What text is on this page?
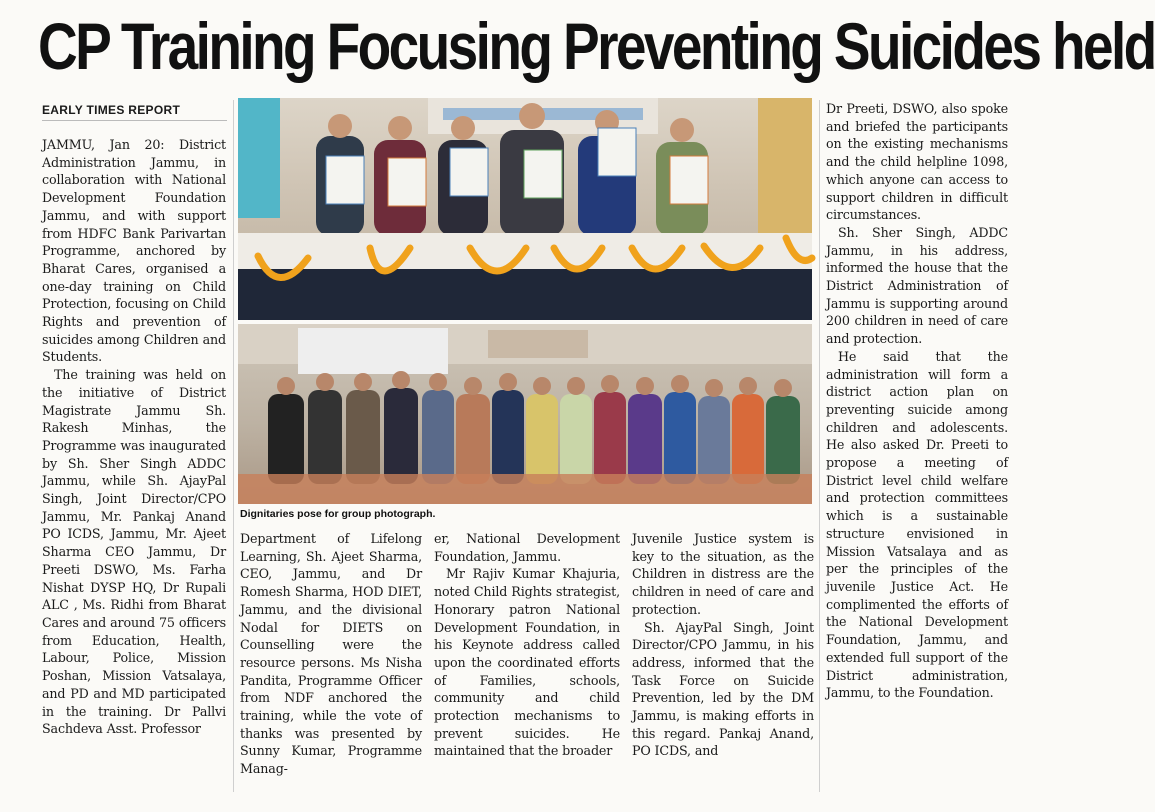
CP Training Focusing Preventing Suicides held
EARLY TIMES REPORT

JAMMU, Jan 20: District Administration Jammu, in collaboration with National Development Foundation Jammu, and with support from HDFC Bank Parivartan Programme, anchored by Bharat Cares, organised a one-day training on Child Protection, focusing on Child Rights and prevention of suicides among Children and Students.

The training was held on the initiative of District Magistrate Jammu Sh. Rakesh Minhas, the Programme was inaugurated by Sh. Sher Singh ADDC Jammu, while Sh. AjayPal Singh, Joint Director/CPO Jammu, Mr. Pankaj Anand PO ICDS, Jammu, Mr. Ajeet Sharma CEO Jammu, Dr Preeti DSWO, Ms. Farha Nishat DYSP HQ, Dr Rupali ALC , Ms. Ridhi from Bharat Cares and around 75 officers from Education, Health, Labour, Police, Mission Poshan, Mission Vatsalaya, and PD and MD participated in the training. Dr Pallvi Sachdeva Asst. Professor

Dignitaries pose for group photograph.

Department of Lifelong Learning, Sh. Ajeet Sharma, CEO, Jammu, and Dr Romesh Sharma, HOD DIET, Jammu, and the divisional Nodal for DIETS on Counselling were the resource persons. Ms Nisha Pandita, Programme Officer from NDF anchored the training, while the vote of thanks was presented by Sunny Kumar, Programme Manag-

er, National Development Foundation, Jammu.

Mr Rajiv Kumar Khajuria, noted Child Rights strategist, Honorary patron National Development Foundation, in his Keynote address called upon the coordinated efforts of Families, schools, community and child protection mechanisms to prevent suicides. He maintained that the broader

Juvenile Justice system is key to the situation, as the Children in distress are the children in need of care and protection.

Sh. AjayPal Singh, Joint Director/CPO Jammu, in his address, informed that the Task Force on Suicide Prevention, led by the DM Jammu, is making efforts in this regard. Pankaj Anand, PO ICDS, and

Dr Preeti, DSWO, also spoke and briefed the participants on the existing mechanisms and the child helpline 1098, which anyone can access to support children in difficult circumstances.

Sh. Sher Singh, ADDC Jammu, in his address, informed the house that the District Administration of Jammu is supporting around 200 children in need of care and protection.

He said that the administration will form a district action plan on preventing suicide among children and adolescents. He also asked Dr. Preeti to propose a meeting of District level child welfare and protection committees which is a sustainable structure envisioned in Mission Vatsalaya and as per the principles of the juvenile Justice Act. He complimented the efforts of the National Development Foundation, Jammu, and extended full support of the District administration, Jammu, to the Foundation.
